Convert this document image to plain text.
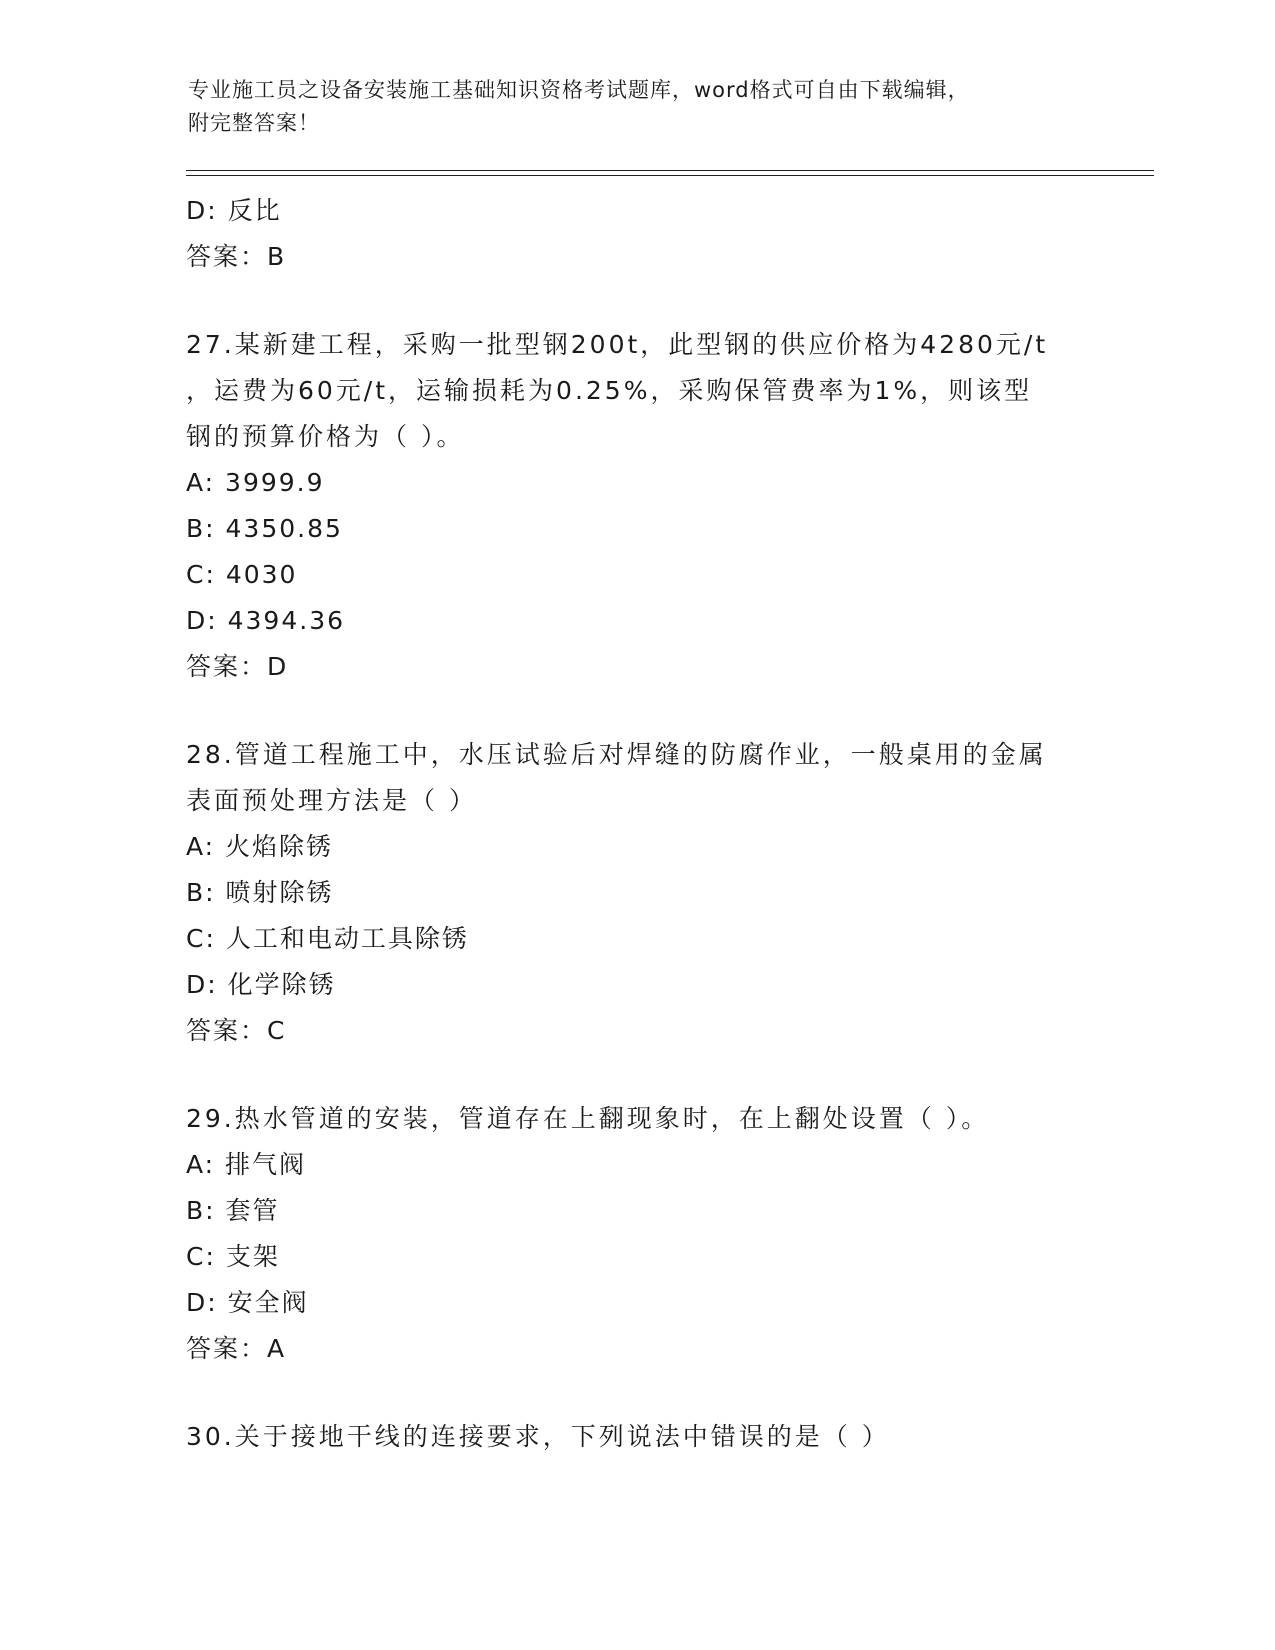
专业施工员之设备安装施工基础知识资格考试题库，word格式可自由下载编辑，
附完整答案！
D: 反比
答案：B
27.某新建工程，采购一批型钢200t，此型钢的供应价格为4280元/t
，运费为60元/t，运输损耗为0.25%，采购保管费率为1%，则该型
钢的预算价格为（ ）。
A: 3999.9
B: 4350.85
C: 4030
D: 4394.36
答案：D
28.管道工程施工中，水压试验后对焊缝的防腐作业，一般桌用的金属
表面预处理方法是（ ）
A: 火焰除锈
B: 喷射除锈
C: 人工和电动工具除锈
D: 化学除锈
答案：C
29.热水管道的安装，管道存在上翻现象时，在上翻处设置（ ）。
A: 排气阀
B: 套管
C: 支架
D: 安全阀
答案：A
30.关于接地干线的连接要求，下列说法中错误的是（ ）
